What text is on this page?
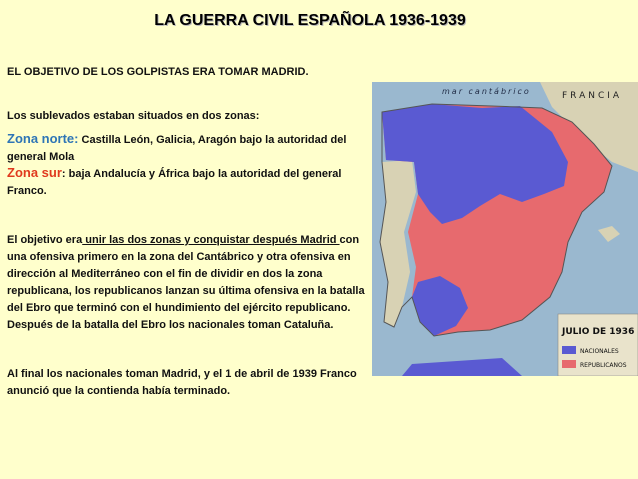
LA GUERRA CIVIL ESPAÑOLA 1936-1939

EL OBJETIVO DE LOS GOLPISTAS ERA TOMAR MADRID.

Los sublevados estaban situados en dos zonas:

Zona norte: Castilla León, Galicia, Aragón bajo la autoridad del general Mola

Zona sur: baja Andalucía y África bajo la autoridad del general Franco.

El objetivo era unir las dos zonas y conquistar después Madrid con una ofensiva primero en la zona del Cantábrico y otra ofensiva en dirección al Mediterráneo con el fin de dividir en dos la zona republicana, los republicanos lanzan su última ofensiva en la batalla del Ebro que terminó con el hundimiento del ejército republicano. Después de la batalla del Ebro los nacionales toman Cataluña.

Al final los nacionales toman Madrid, y el 1 de abril de 1939 Franco anunció que la contienda había terminado.

mar cantábrico	FRANCIA
JULIO DE 1936
NACIONALES
REPUBLICANOS
